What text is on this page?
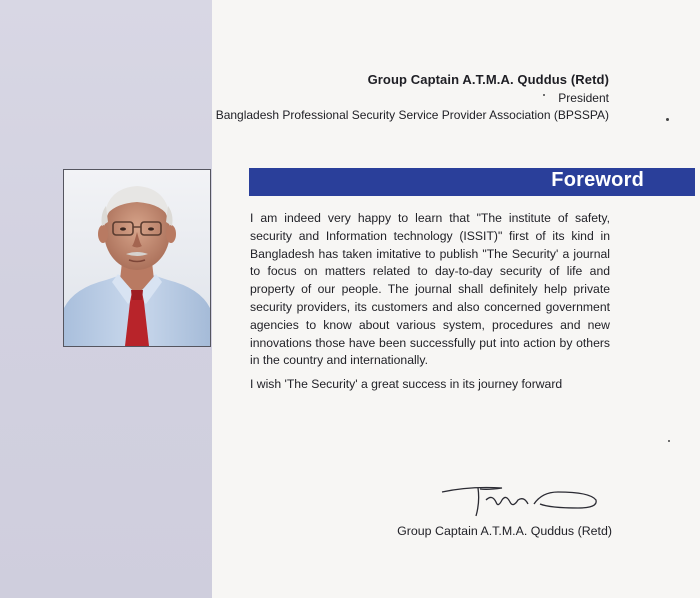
Group Captain A.T.M.A. Quddus (Retd)
President
Bangladesh Professional Security Service Provider Association (BPSSPA)
Foreword
I am indeed very happy to learn that "The institute of safety, security and Information technology (ISSIT)" first of its kind in Bangladesh has taken imitative to publish "The Security' a journal to focus on matters related to day-to-day security of life and property of our people. The journal shall definitely help private security providers, its customers and also concerned government agencies to know about various system, procedures and new innovations those have been successfully put into action by others in the country and internationally.
I wish 'The Security' a great success in its journey forward
Group Captain A.T.M.A. Quddus (Retd)
